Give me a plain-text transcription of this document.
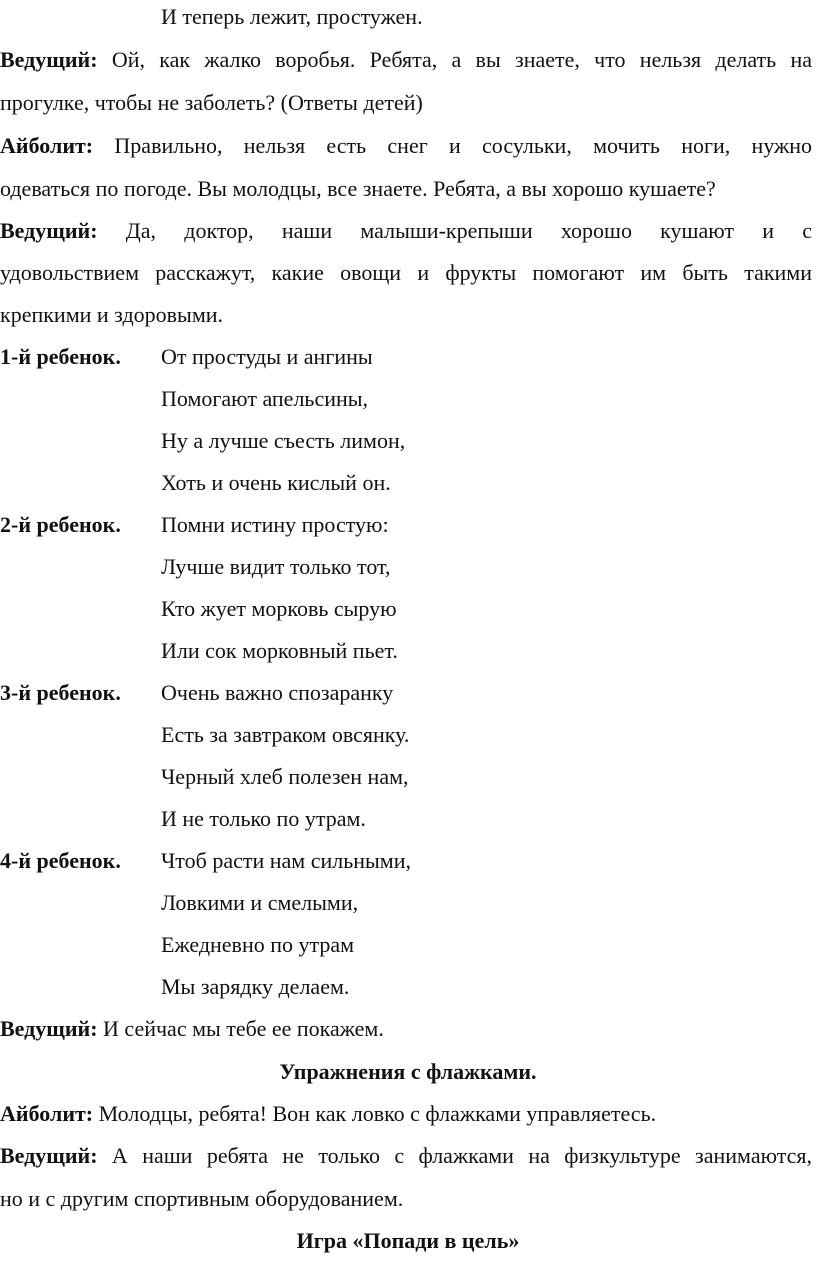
И теперь лежит, простужен.
Ведущий: Ой, как жалко воробья. Ребята, а вы знаете, что нельзя делать на
прогулке, чтобы не заболеть? (Ответы детей)
Айболит: Правильно, нельзя есть снег и сосульки, мочить ноги, нужно
одеваться по погоде. Вы молодцы, все знаете. Ребята, а вы хорошо кушаете?
Ведущий: Да, доктор, наши малыши-крепыши хорошо кушают и с
удовольствием расскажут, какие овощи и фрукты помогают им быть такими
крепкими и здоровыми.
1-й ребенок.	От простуды и ангины
Помогают апельсины,
Ну а лучше съесть лимон,
Хоть и очень кислый он.
2-й ребенок.	Помни истину простую:
Лучше видит только тот,
Кто жует морковь сырую
Или сок морковный пьет.
3-й ребенок.	Очень важно спозаранку
Есть за завтраком овсянку.
Черный хлеб полезен нам,
И не только по утрам.
4-й ребенок.	Чтоб расти нам сильными,
Ловкими и смелыми,
Ежедневно по утрам
Мы зарядку делаем.
Ведущий: И сейчас мы тебе ее покажем.
Упражнения с флажками.
Айболит: Молодцы, ребята! Вон как ловко с флажками управляетесь.
Ведущий: А наши ребята не только с флажками на физкультуре занимаются,
но и с другим спортивным оборудованием.
Игра «Попади в цель»
